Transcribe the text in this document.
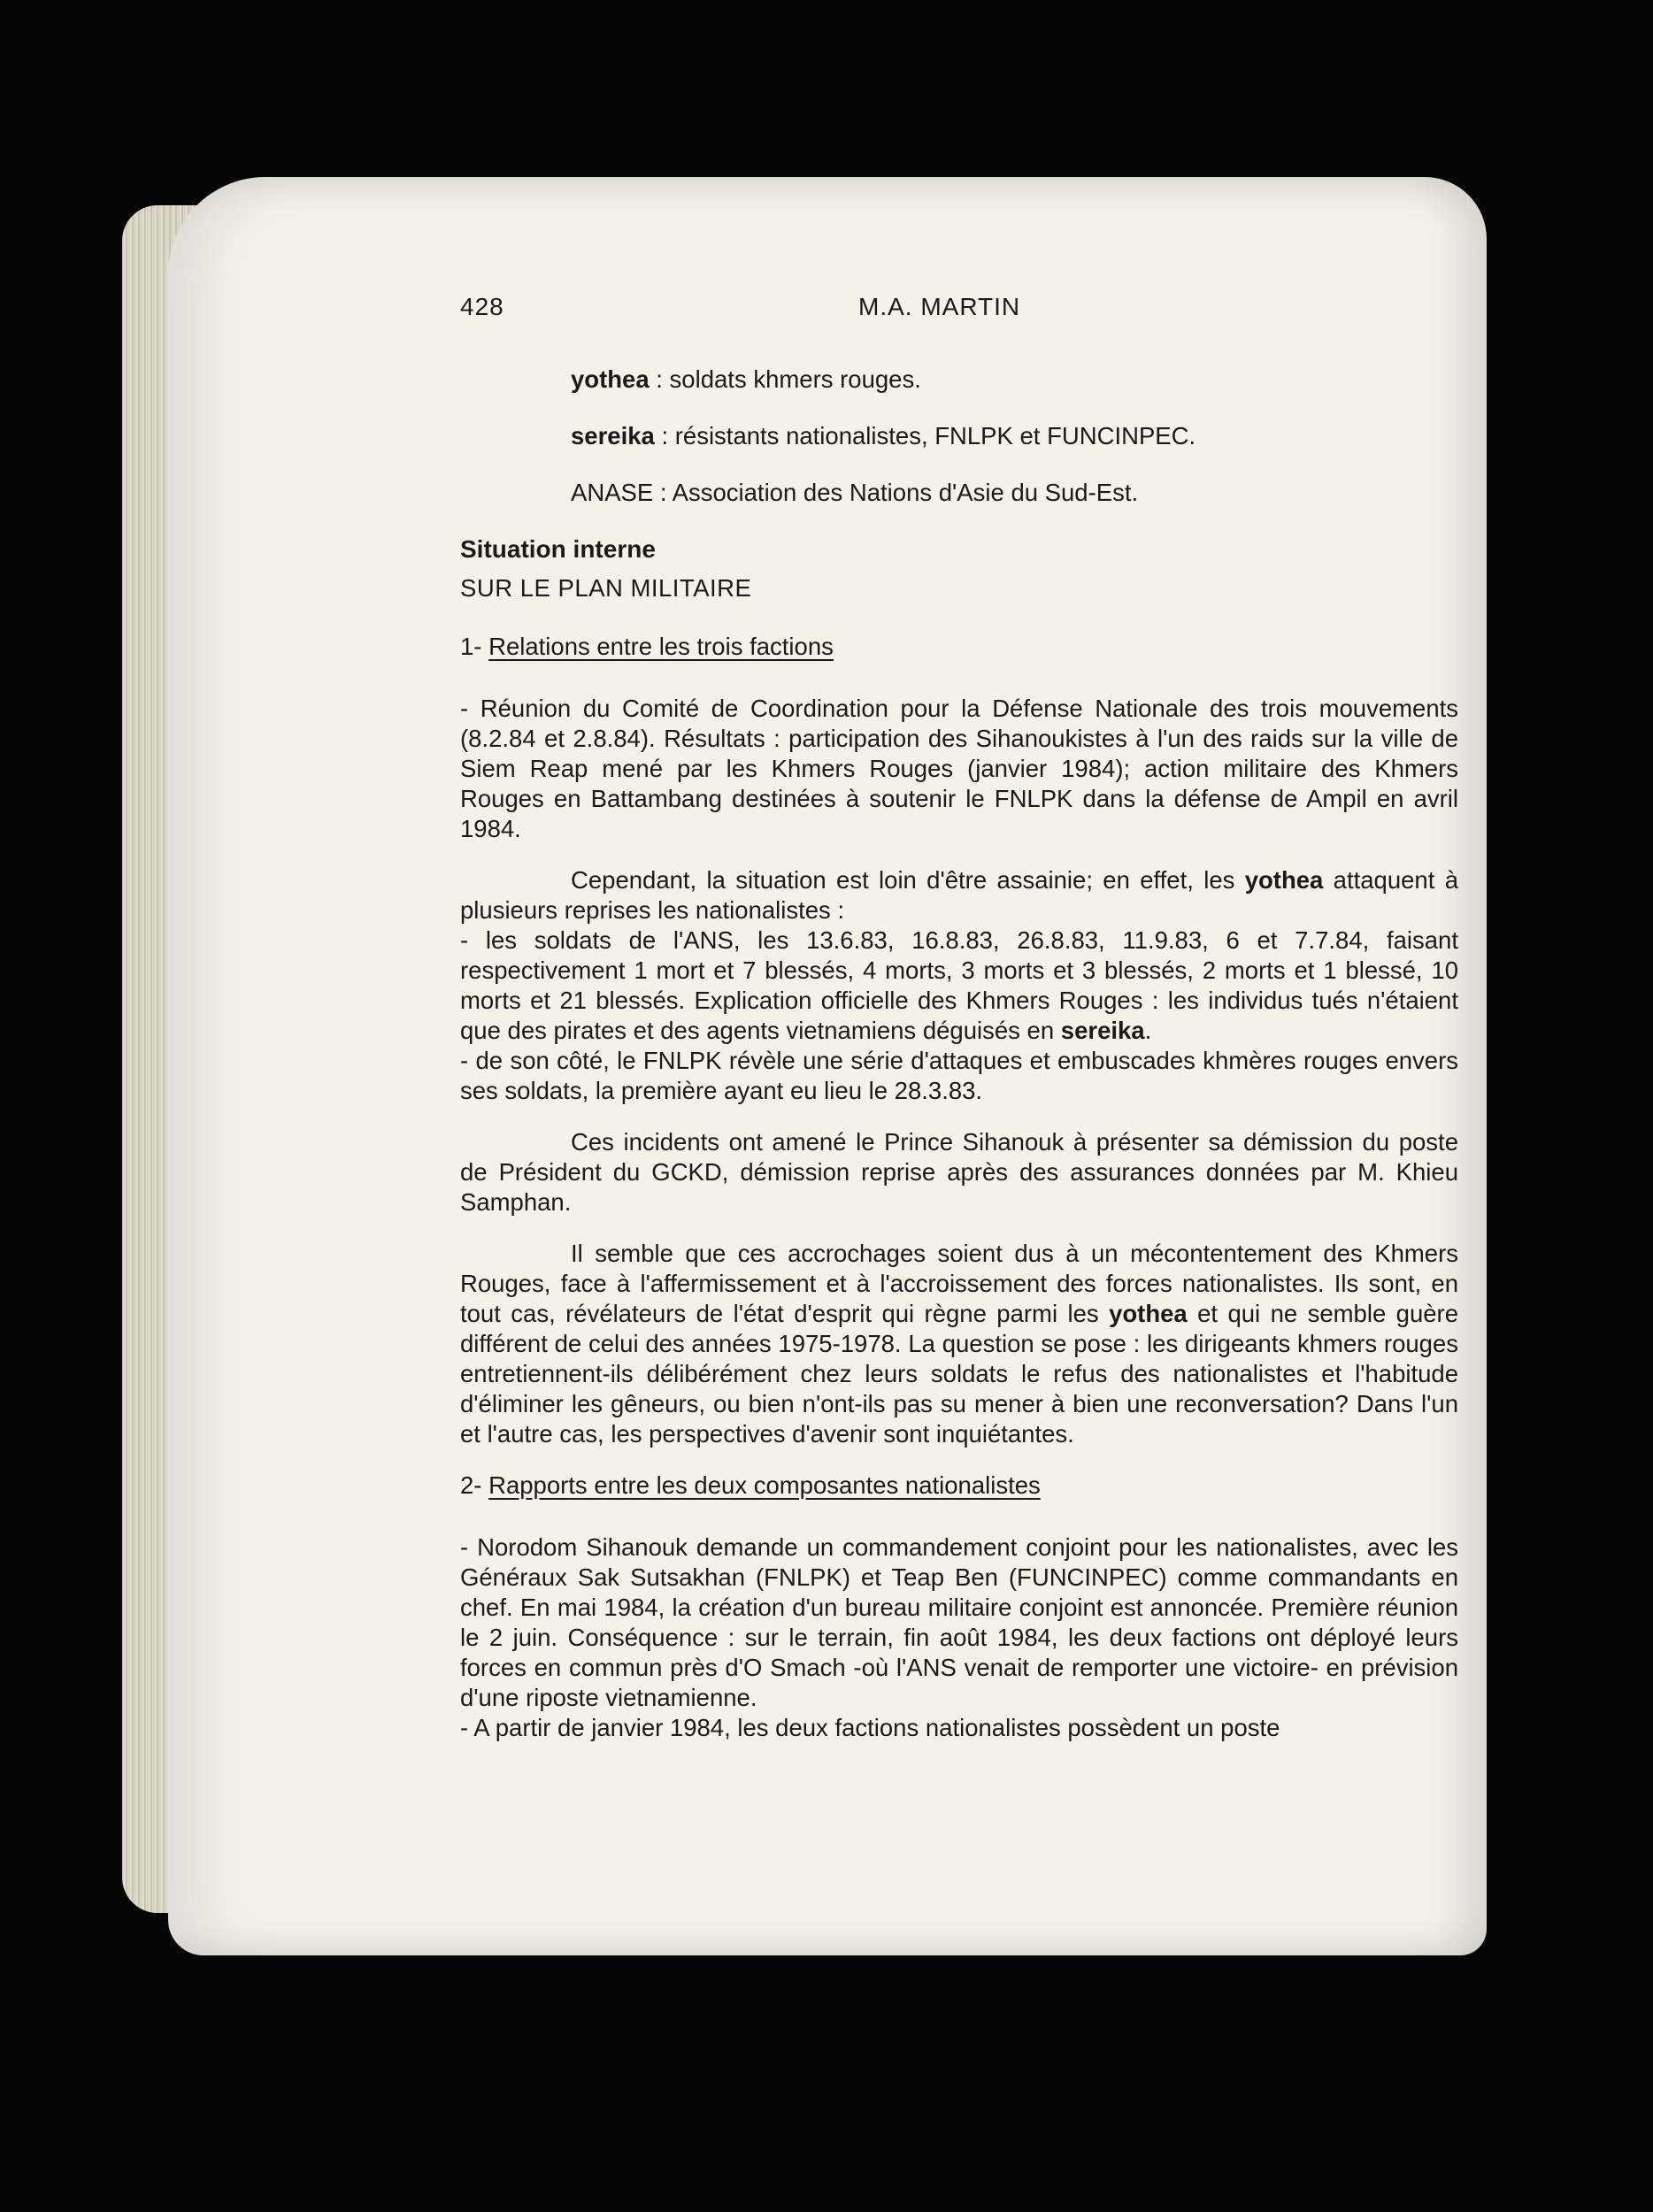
428	M.A. MARTIN
yothea : soldats khmers rouges.
sereika : résistants nationalistes, FNLPK et FUNCINPEC.
ANASE : Association des Nations d'Asie du Sud-Est.
Situation interne
SUR LE PLAN MILITAIRE
1- Relations entre les trois factions

- Réunion du Comité de Coordination pour la Défense Nationale des trois mouvements (8.2.84 et 2.8.84). Résultats : participation des Sihanoukistes à l'un des raids sur la ville de Siem Reap mené par les Khmers Rouges (janvier 1984); action militaire des Khmers Rouges en Battambang destinées à soutenir le FNLPK dans la défense de Ampil en avril 1984.

Cependant, la situation est loin d'être assainie; en effet, les yothea attaquent à plusieurs reprises les nationalistes :

- les soldats de l'ANS, les 13.6.83, 16.8.83, 26.8.83, 11.9.83, 6 et 7.7.84, faisant respectivement 1 mort et 7 blessés, 4 morts, 3 morts et 3 blessés, 2 morts et 1 blessé, 10 morts et 21 blessés. Explication officielle des Khmers Rouges : les individus tués n'étaient que des pirates et des agents vietnamiens déguisés en sereika.

- de son côté, le FNLPK révèle une série d'attaques et embuscades khmères rouges envers ses soldats, la première ayant eu lieu le 28.3.83.

Ces incidents ont amené le Prince Sihanouk à présenter sa démission du poste de Président du GCKD, démission reprise après des assurances données par M. Khieu Samphan.

Il semble que ces accrochages soient dus à un mécontentement des Khmers Rouges, face à l'affermissement et à l'accroissement des forces nationalistes. Ils sont, en tout cas, révélateurs de l'état d'esprit qui règne parmi les yothea et qui ne semble guère différent de celui des années 1975-1978. La question se pose : les dirigeants khmers rouges entretiennent-ils délibérément chez leurs soldats le refus des nationalistes et l'habitude d'éliminer les gêneurs, ou bien n'ont-ils pas su mener à bien une reconversation? Dans l'un et l'autre cas, les perspectives d'avenir sont inquiétantes.

2- Rapports entre les deux composantes nationalistes

- Norodom Sihanouk demande un commandement conjoint pour les nationalistes, avec les Généraux Sak Sutsakhan (FNLPK) et Teap Ben (FUNCINPEC) comme commandants en chef. En mai 1984, la création d'un bureau militaire conjoint est annoncée. Première réunion le 2 juin. Conséquence : sur le terrain, fin août 1984, les deux factions ont déployé leurs forces en commun près d'O Smach -où l'ANS venait de remporter une victoire- en prévision d'une riposte vietnamienne.

- A partir de janvier 1984, les deux factions nationalistes possèdent un poste
